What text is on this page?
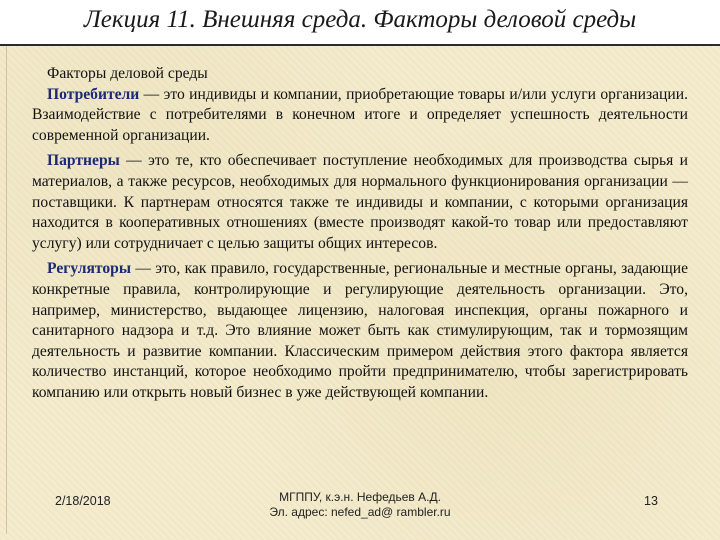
Лекция 11. Внешняя среда. Факторы деловой среды

Факторы деловой среды

Потребители — это индивиды и компании, приобретающие товары и/или услуги организации. Взаимодействие с потребителями в конечном итоге и определяет успешность деятельности современной организации.

Партнеры — это те, кто обеспечивает поступление необходимых для производства сырья и материалов, а также ресурсов, необходимых для нормального функционирования организации — поставщики. К партнерам относятся также те индивиды и компании, с которыми организация находится в кооперативных отношениях (вместе производят какой-то товар или предоставляют услугу) или сотрудничает с целью защиты общих интересов.

Регуляторы — это, как правило, государственные, региональные и местные органы, задающие конкретные правила, контролирующие и регулирующие деятельность организации. Это, например, министерство, выдающее лицензию, налоговая инспекция, органы пожарного и санитарного надзора и т.д. Это влияние может быть как стимулирующим, так и тормозящим деятельность и развитие компании. Классическим примером действия этого фактора является количество инстанций, которое необходимо пройти предпринимателю, чтобы зарегистрировать компанию или открыть новый бизнес в уже действующей компании.

2/18/2018	МГППУ, к.э.н. Нефедьев А.Д.
Эл. адрес: nefed_ad@ rambler.ru
13
